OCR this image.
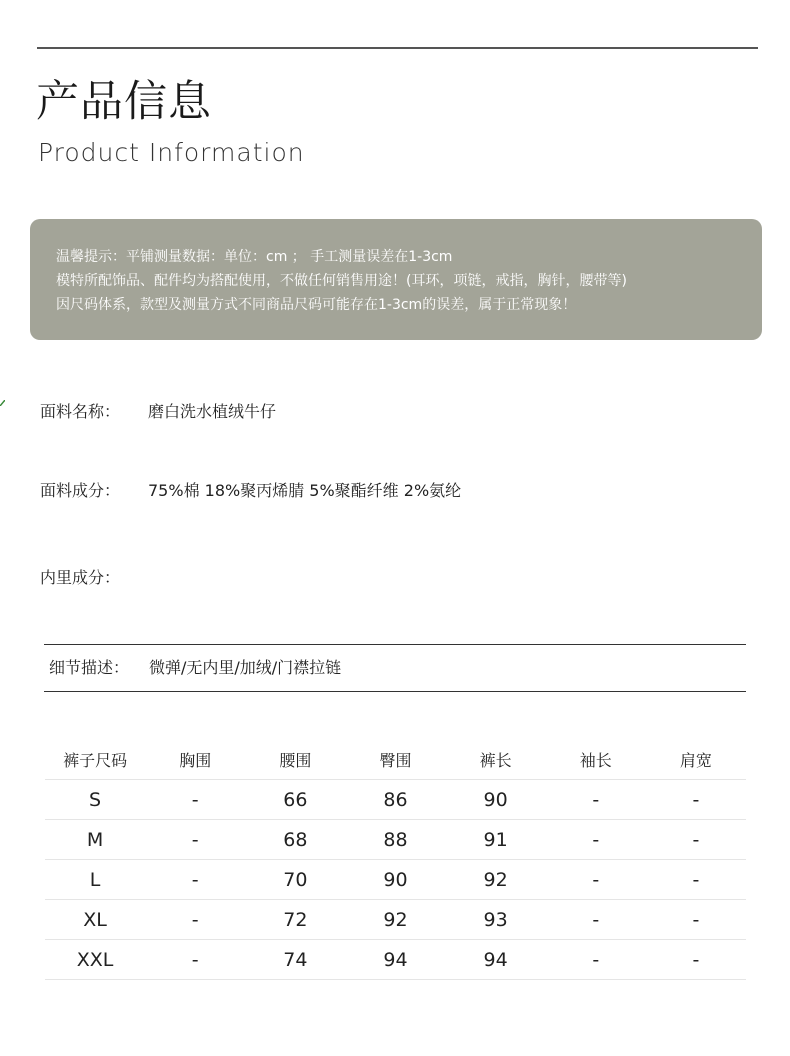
产品信息
Product Information
温馨提示：平铺测量数据：单位：cm ； 手工测量误差在1-3cm
模特所配饰品、配件均为搭配使用，不做任何销售用途！(耳环，项链，戒指，胸针，腰带等)
因尺码体系，款型及测量方式不同商品尺码可能存在1-3cm的误差，属于正常现象！
面料名称： 磨白洗水植绒牛仔
面料成分： 75%棉 18%聚丙烯腈 5%聚酯纤维 2%氨纶
内里成分：
细节描述： 微弹/无内里/加绒/门襟拉链
裤子尺码	胸围	腰围	臀围	裤长	袖长	肩宽
S	-	66	86	90	-	-
M	-	68	88	91	-	-
L	-	70	90	92	-	-
XL	-	72	92	93	-	-
XXL	-	74	94	94	-	-
